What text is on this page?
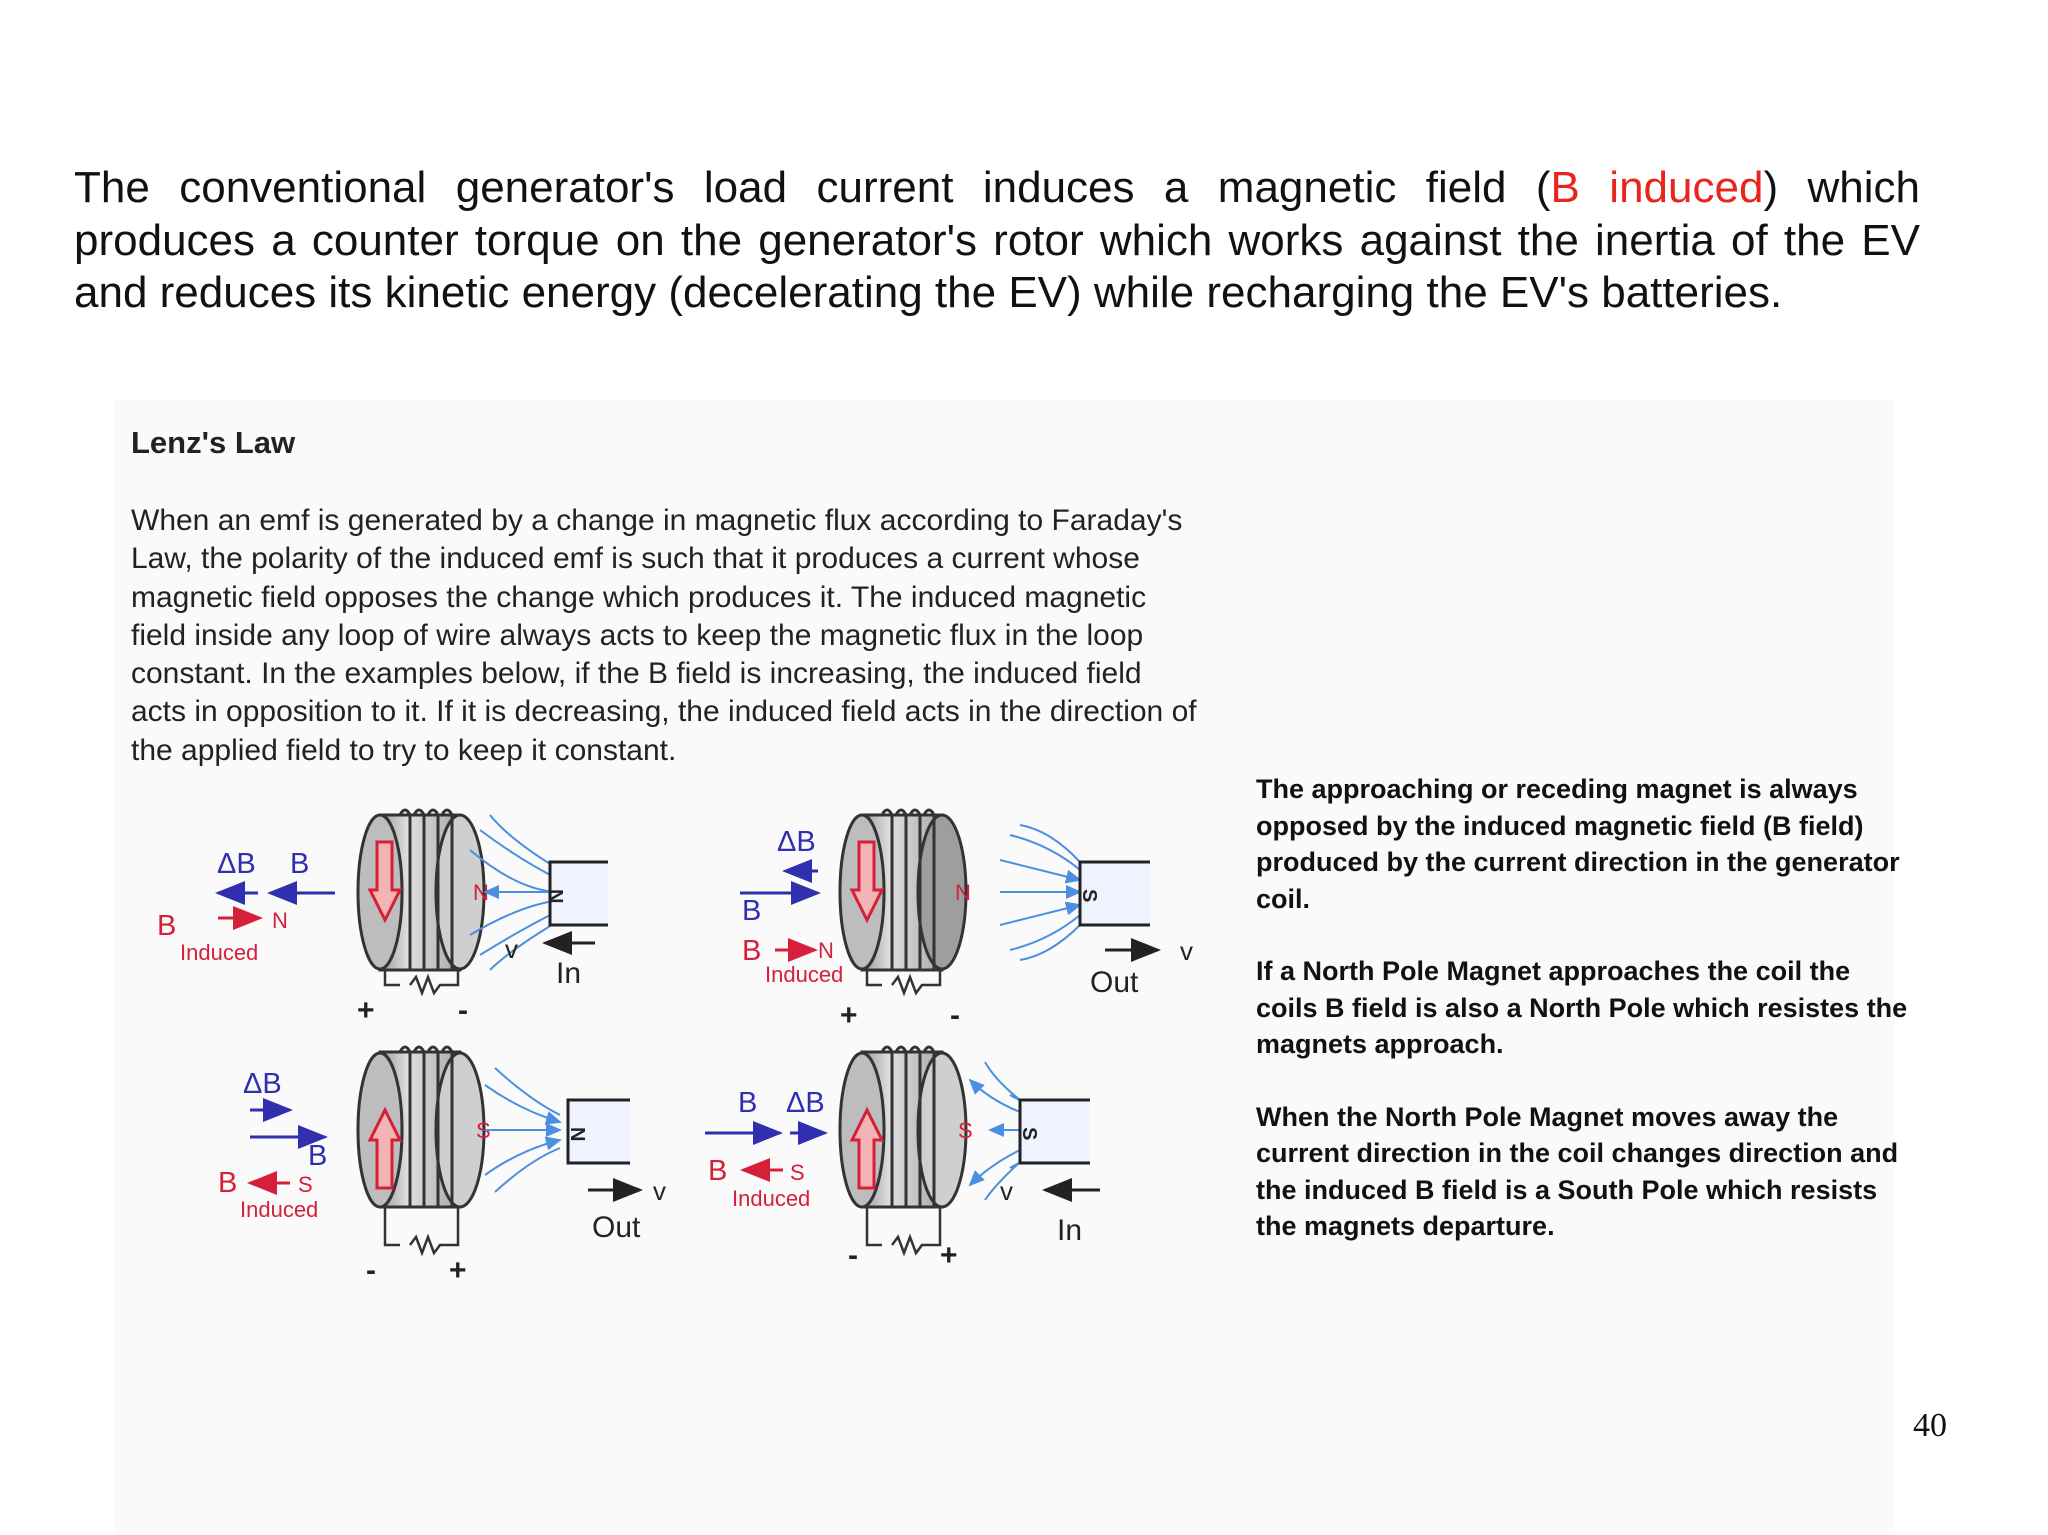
The conventional generator's load current induces a magnetic field (B induced) which produces a counter torque on the generator's rotor which works against the inertia of the EV and reduces its kinetic energy (decelerating the EV) while recharging the EV's batteries.
Lenz's Law
When an emf is generated by a change in magnetic flux according to Faraday's Law, the polarity of the induced emf is such that it produces a current whose magnetic field opposes the change which produces it. The induced magnetic field inside any loop of wire always acts to keep the magnetic flux in the loop constant. In the examples below, if the B field is increasing, the induced field acts in opposition to it. If it is decreasing, the induced field acts in the direction of the applied field to try to keep it constant.

The approaching or receding magnet is always opposed by the induced magnetic field (B field) produced by the current direction in the generator coil.

If a North Pole Magnet approaches the coil the coils B field is also a North Pole which resistes the magnets approach.

When the North Pole Magnet moves away the current direction in the coil changes direction and the induced B field is a South Pole which resists the magnets departure.

ΔB B
N
B
Induced
N
+	-
N
v
In
ΔB
B
B	N
Induced
N
+	-
S
v
Out
ΔB
B
B	S
Induced
S
- +
N
v
Out
B ΔB
B	S
Induced
S
-	+
S
v
In
40
